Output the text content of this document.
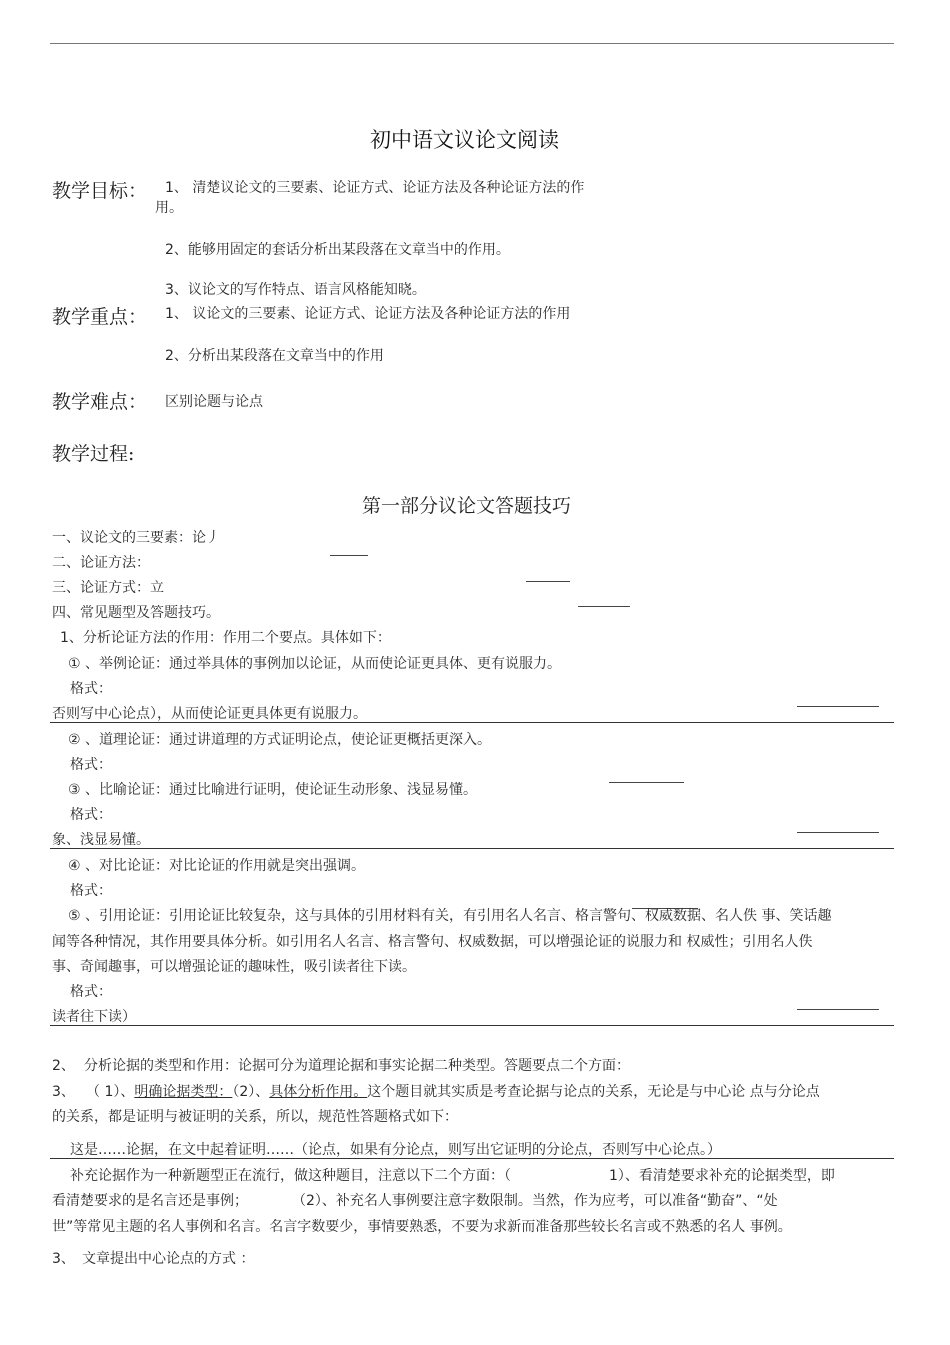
初中语文议论文阅读
教学目标： 1、 清楚议论文的三要素、论证方式、论证方法及各种论证方法的作
用。
2、能够用固定的套话分析出某段落在文章当中的作用。
3、议论文的写作特点、语言风格能知晓。
教学重点： 1、 议论文的三要素、论证方式、论证方法及各种论证方法的作用
2、分析出某段落在文章当中的作用
教学难点： 区别论题与论点
教学过程:
第一部分议论文答题技巧
一、议论文的三要素：论丿
二、论证方法：
三、论证方式：立
四、常见题型及答题技巧。
1、分析论证方法的作用：作用二个要点。具体如下：
① 、举例论证：通过举具体的事例加以论证，从而使论证更具体、更有说服力。
格式：
否则写中心论点），从而使论证更具体更有说服力。
② 、道理论证：通过讲道理的方式证明论点，使论证更概括更深入。
格式：
③ 、比喻论证：通过比喻进行证明，使论证生动形象、浅显易懂。
格式：
象、浅显易懂。
④ 、对比论证：对比论证的作用就是突出强调。
格式：
⑤ 、引用论证：引用论证比较复杂，这与具体的引用材料有关，有引用名人名言、格言警句、权威数据、名人佚 事、笑话趣
闻等各种情况，其作用要具体分析。如引用名人名言、格言警句、权威数据，可以增强论证的说服力和 权威性；引用名人佚
事、奇闻趣事，可以增强论证的趣味性，吸引读者往下读。
格式：
读者往下读）
2、 分析论据的类型和作用：论据可分为道理论据和事实论据二种类型。答题要点二个方面：
3、 （ 1）、明确论据类型：（2）、具体分析作用。这个题目就其实质是考查论据与论点的关系，无论是与中心论 点与分论点
的关系，都是证明与被证明的关系，所以，规范性答题格式如下：
这是……论据，在文中起着证明……（论点，如果有分论点，则写出它证明的分论点，否则写中心论点。）
补充论据作为一种新题型正在流行，做这种题目，注意以下二个方面：（	1）、看清楚要求补充的论据类型，即
看清楚要求的是名言还是事例；	（2）、补充名人事例要注意字数限制。当然，作为应考，可以准备“勤奋”、“处
世”等常见主题的名人事例和名言。名言字数要少，事情要熟悉，不要为求新而准备那些较长名言或不熟悉的名人 事例。
3、 文章提出中心论点的方式 ：
